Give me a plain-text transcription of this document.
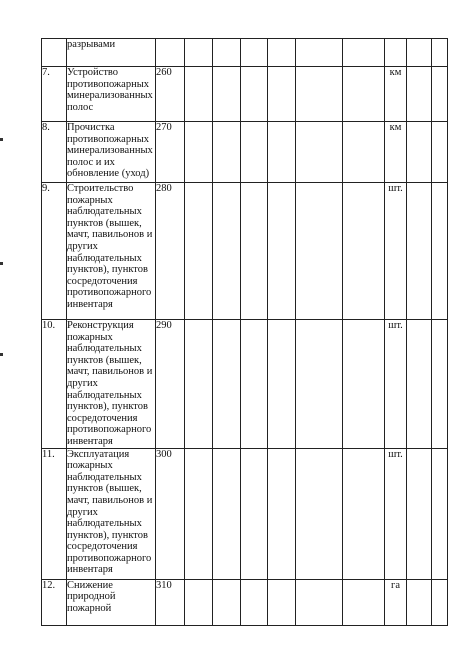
	разрывами										
7.	Устройство противопожарных минерализованных полос	260							км		
8.	Прочистка противопожарных минерализованных полос и их обновление (уход)	270							км		
9.	Строительство пожарных наблюдательных пунктов (вышек, мачт, павильонов и других наблюдательных пунктов), пунктов сосредоточения противопожарного инвентаря	280							шт.		
10.	Реконструкция пожарных наблюдательных пунктов (вышек, мачт, павильонов и других наблюдательных пунктов), пунктов сосредоточения противопожарного инвентаря	290							шт.		
11.	Эксплуатация пожарных наблюдательных пунктов (вышек, мачт, павильонов и других наблюдательных пунктов), пунктов сосредоточения противопожарного инвентаря	300							шт.		
12.	Снижение природной пожарной	310							га		
